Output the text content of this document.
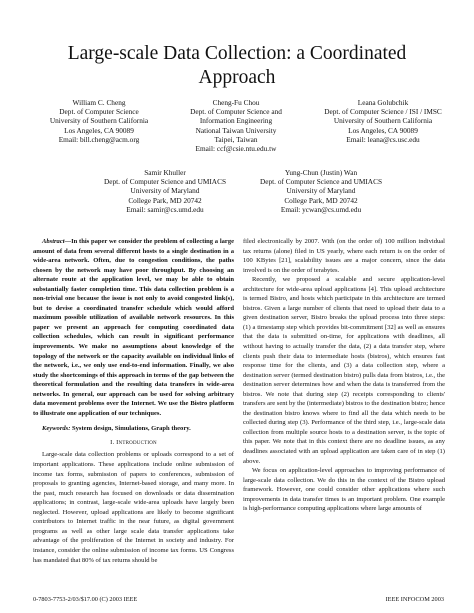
Large-scale Data Collection: a Coordinated
Approach
William C. Cheng
Dept. of Computer Science
University of Southern California
Los Angeles, CA 90089
Email: bill.cheng@acm.org
Cheng-Fu Chou
Dept. of Computer Science and
Information Engineering
National Taiwan University
Taipei, Taiwan
Email: ccf@csie.ntu.edu.tw
Leana Golubchik
Dept. of Computer Science / ISI / IMSC
University of Southern California
Los Angeles, CA 90089
Email: leana@cs.usc.edu
Samir Khuller
Dept. of Computer Science and UMIACS
University of Maryland
College Park, MD 20742
Email: samir@cs.umd.edu
Yung-Chun (Justin) Wan
Dept. of Computer Science and UMIACS
University of Maryland
College Park, MD 20742
Email: ycwan@cs.umd.edu

Abstract—In this paper we consider the problem of collecting a large amount of data from several different hosts to a single destination in a wide-area network. Often, due to congestion conditions, the paths chosen by the network may have poor throughput. By choosing an alternate route at the application level, we may be able to obtain substantially faster completion time. This data collection problem is a non-trivial one because the issue is not only to avoid congested link(s), but to devise a coordinated transfer schedule which would afford maximum possible utilization of available network resources. In this paper we present an approach for computing coordinated data collection schedules, which can result in significant performance improvements. We make no assumptions about knowledge of the topology of the network or the capacity available on individual links of the network, i.e., we only use end-to-end information. Finally, we also study the shortcomings of this approach in terms of the gap between the theoretical formulation and the resulting data transfers in wide-area networks. In general, our approach can be used for solving arbitrary data movement problems over the Internet. We use the Bistro platform to illustrate one application of our techniques.

Keywords: System design, Simulations, Graph theory.

I. Introduction

Large-scale data collection problems or uploads correspond to a set of important applications. These applications include online submission of income tax forms, submission of papers to conferences, submission of proposals to granting agencies, Internet-based storage, and many more. In the past, much research has focused on downloads or data dissemination applications; in contrast, large-scale wide-area uploads have largely been neglected. However, upload applications are likely to become significant contributors to Internet traffic in the near future, as digital government programs as well as other large scale data transfer applications take advantage of the proliferation of the Internet in society and industry. For instance, consider the online submission of income tax forms. US Congress has mandated that 80% of tax returns should be

filed electronically by 2007. With (on the order of) 100 million individual tax returns (alone) filed in US yearly, where each return is on the order of 100 KBytes [21], scalability issues are a major concern, since the data involved is on the order of terabytes.

Recently, we proposed a scalable and secure application-level architecture for wide-area upload applications [4]. This upload architecture is termed Bistro, and hosts which participate in this architecture are termed bistros. Given a large number of clients that need to upload their data to a given destination server, Bistro breaks the upload process into three steps: (1) a timestamp step which provides bit-commitment [32] as well as ensures that the data is submitted on-time, for applications with deadlines, all without having to actually transfer the data, (2) a data transfer step, where clients push their data to intermediate hosts (bistros), which ensures fast response time for the clients, and (3) a data collection step, where a destination server (termed destination bistro) pulls data from bistros, i.e., the destination server determines how and when the data is transferred from the bistros. We note that during step (2) receipts corresponding to clients' transfers are sent by the (intermediate) bistros to the destination bistro; hence the destination bistro knows where to find all the data which needs to be collected during step (3). Performance of the third step, i.e., large-scale data collection from multiple source hosts to a destination server, is the topic of this paper. We note that in this context there are no deadline issues, as any deadlines associated with an upload application are taken care of in step (1) above.

We focus on application-level approaches to improving performance of large-scale data collection. We do this in the context of the Bistro upload framework. However, one could consider other applications where such improvements in data transfer times is an important problem. One example is high-performance computing applications where large amounts of

0-7803-7753-2/03/$17.00 (C) 2003 IEEE	IEEE INFOCOM 2003
